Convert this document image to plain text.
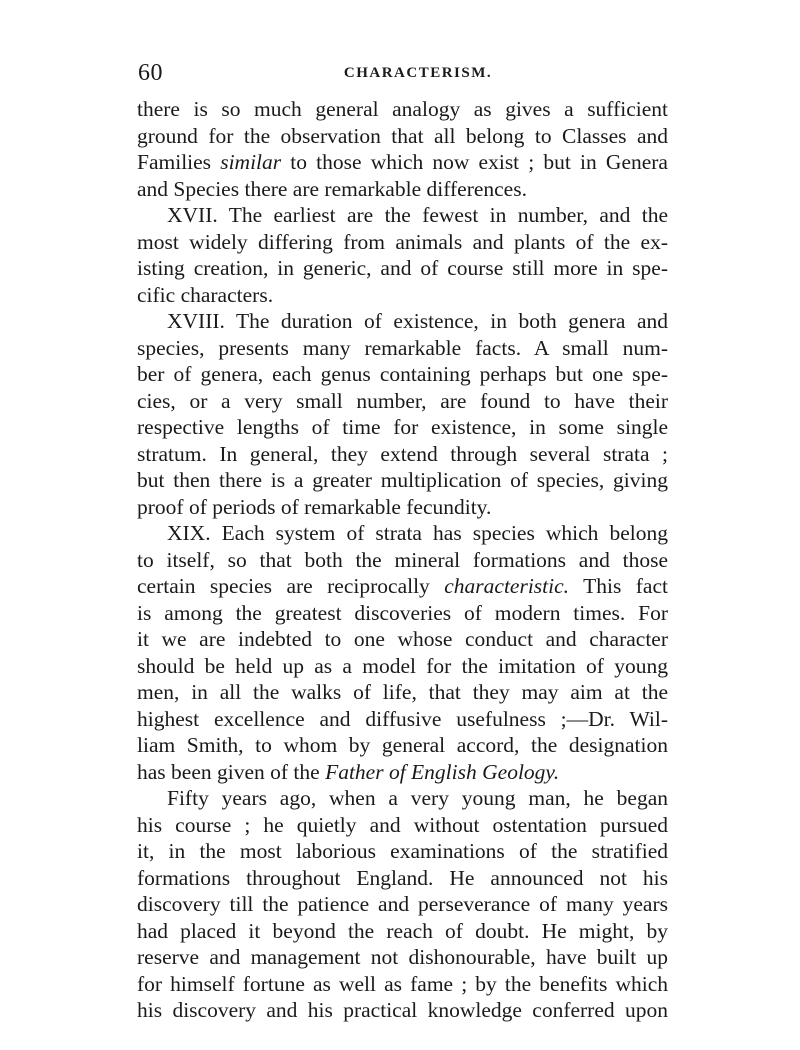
60	CHARACTERISM.
there is so much general analogy as gives a sufficient
ground for the observation that all belong to Classes and
Families similar to those which now exist ; but in Genera
and Species there are remarkable differences.
XVII. The earliest are the fewest in number, and the
most widely differing from animals and plants of the ex-
isting creation, in generic, and of course still more in spe-
cific characters.
XVIII. The duration of existence, in both genera and
species, presents many remarkable facts. A small num-
ber of genera, each genus containing perhaps but one spe-
cies, or a very small number, are found to have their
respective lengths of time for existence, in some single
stratum. In general, they extend through several strata ;
but then there is a greater multiplication of species, giving
proof of periods of remarkable fecundity.
XIX. Each system of strata has species which belong
to itself, so that both the mineral formations and those
certain species are reciprocally characteristic. This fact
is among the greatest discoveries of modern times. For
it we are indebted to one whose conduct and character
should be held up as a model for the imitation of young
men, in all the walks of life, that they may aim at the
highest excellence and diffusive usefulness ;—Dr. Wil-
liam Smith, to whom by general accord, the designation
has been given of the Father of English Geology.
Fifty years ago, when a very young man, he began
his course ; he quietly and without ostentation pursued
it, in the most laborious examinations of the stratified
formations throughout England. He announced not his
discovery till the patience and perseverance of many years
had placed it beyond the reach of doubt. He might, by
reserve and management not dishonourable, have built up
for himself fortune as well as fame ; by the benefits which
his discovery and his practical knowledge conferred upon
